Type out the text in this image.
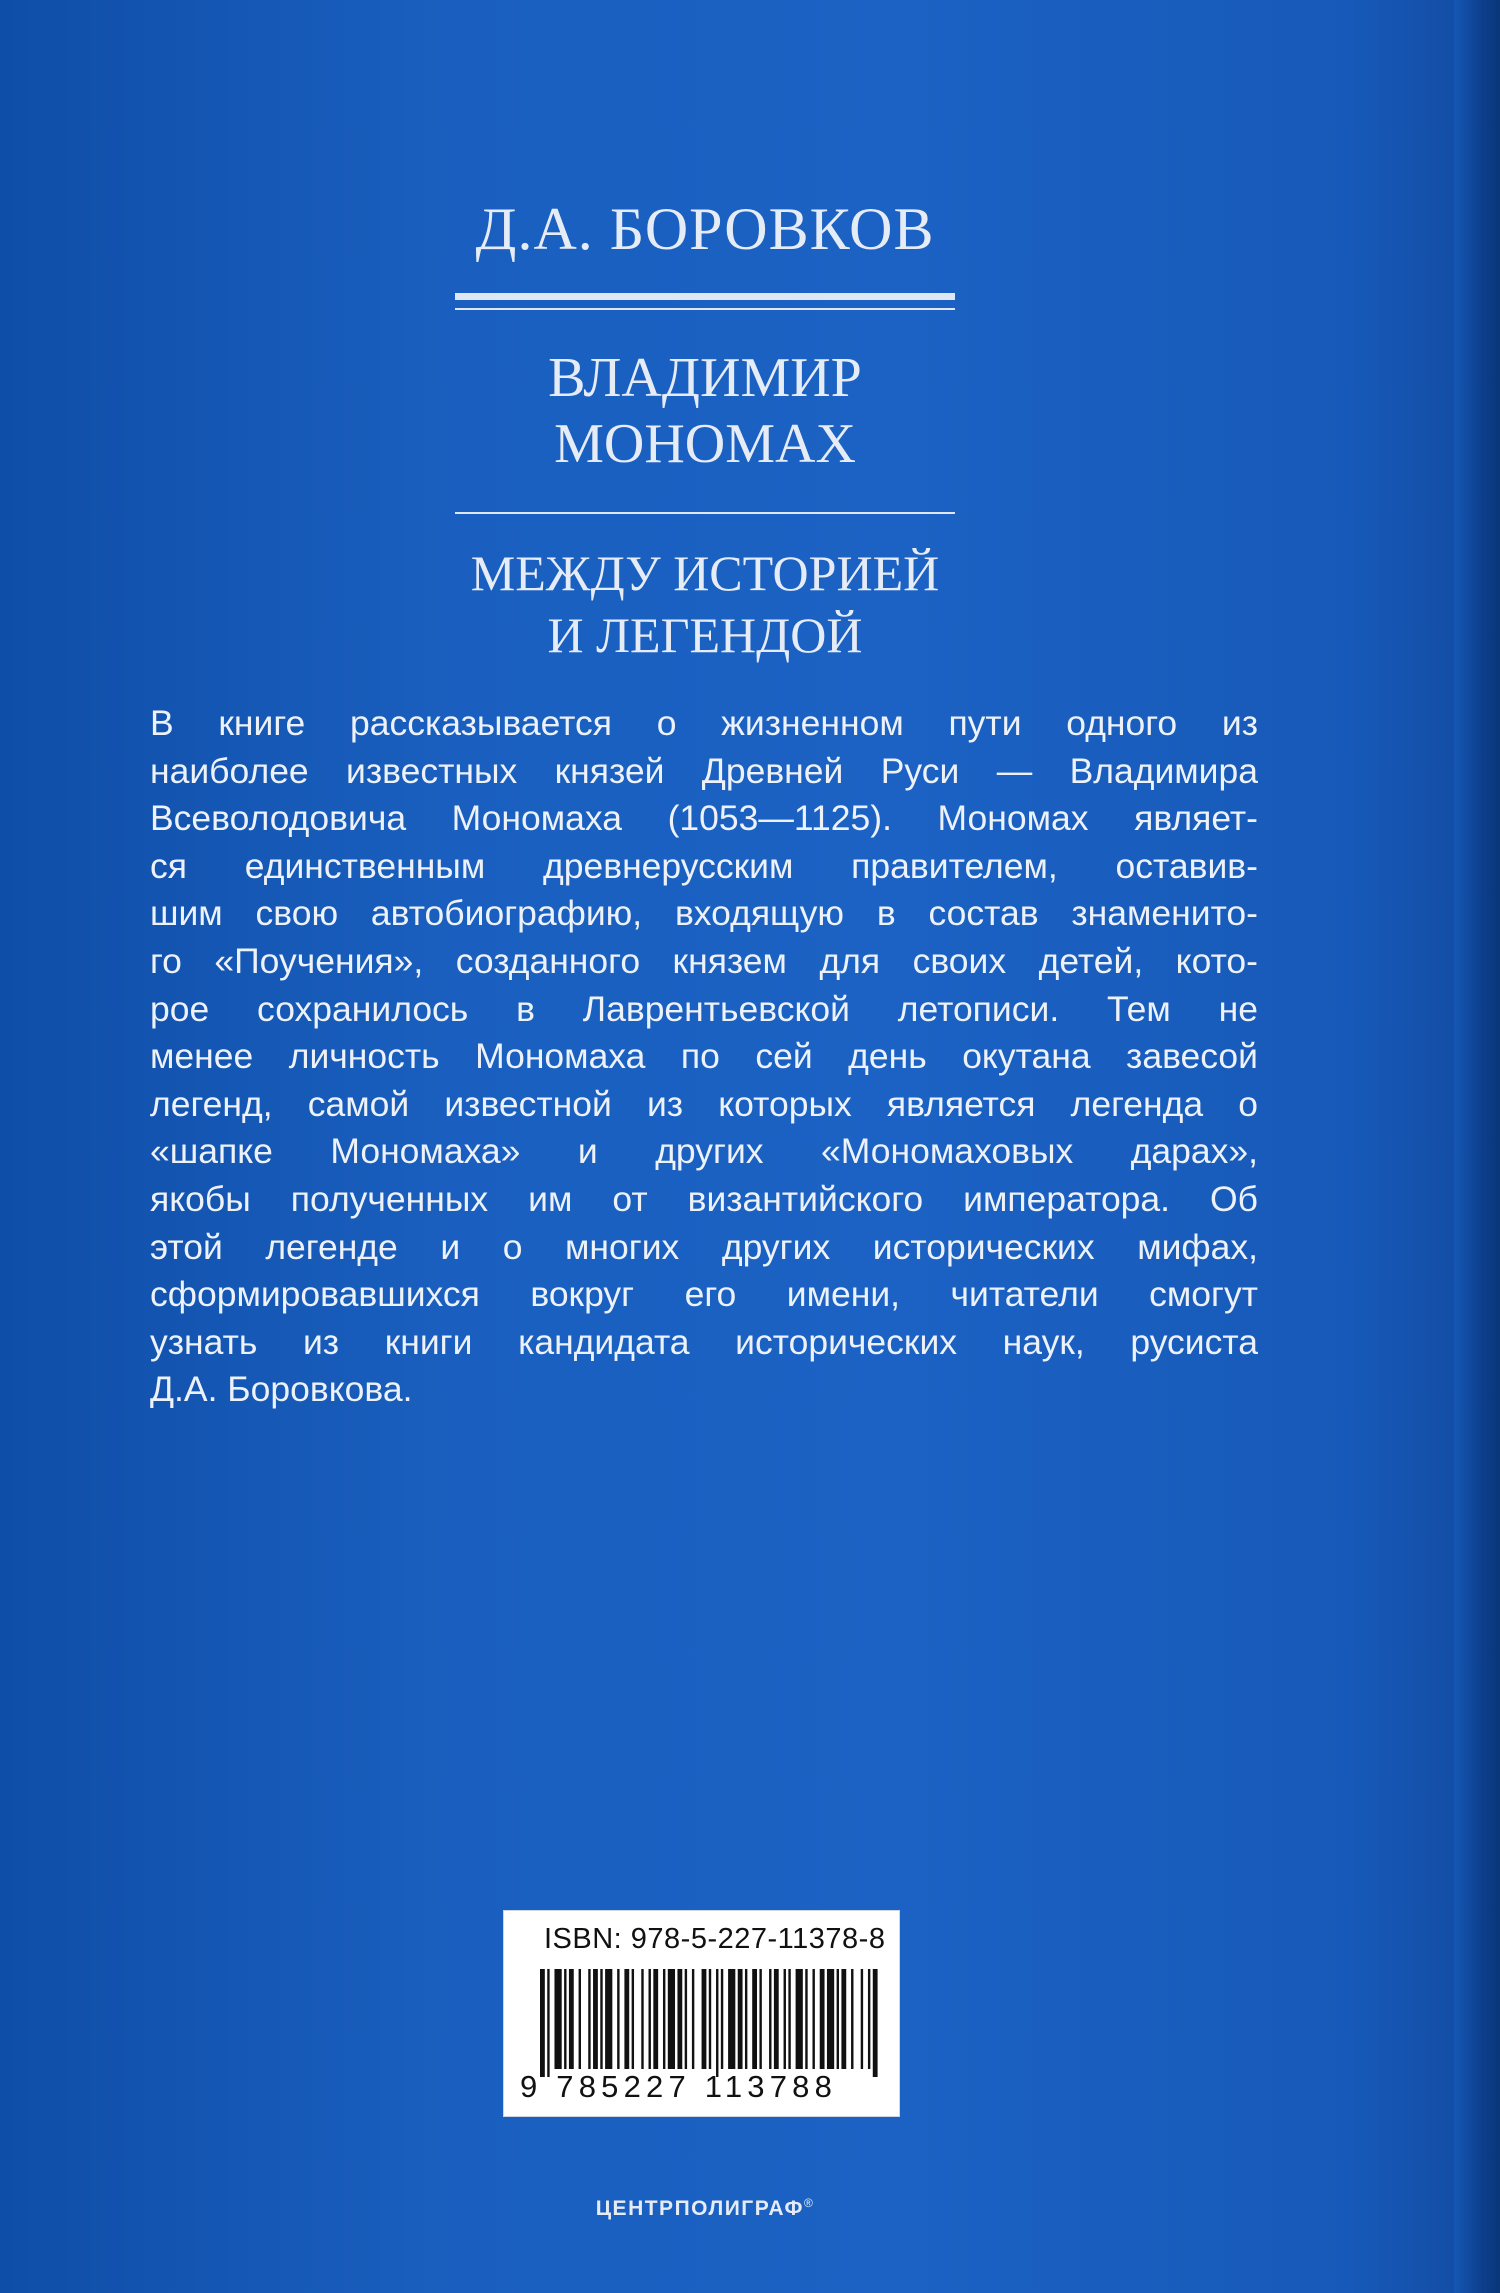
Д.А. БОРОВКОВ
ВЛАДИМИР
МОНОМАХ
МЕЖДУ ИСТОРИЕЙ
И ЛЕГЕНДОЙ
В книге рассказывается о жизненном пути одного из
наиболее известных князей Древней Руси — Владимира
Всеволодовича Мономаха (1053—1125). Мономах являет-
ся единственным древнерусским правителем, оставив-
шим свою автобиографию, входящую в состав знаменито-
го «Поучения», созданного князем для своих детей, кото-
рое сохранилось в Лаврентьевской летописи. Тем не
менее личность Мономаха по сей день окутана завесой
легенд, самой известной из которых является легенда о
«шапке Мономаха» и других «Мономаховых дарах»,
якобы полученных им от византийского императора. Об
этой легенде и о многих других исторических мифах,
сформировавшихся вокруг его имени, читатели смогут
узнать из книги кандидата исторических наук, русиста
Д.А. Боровкова.
ISBN: 978-5-227-11378-8
9 785227 113788
ЦЕНТРПОЛИГРАФ®
